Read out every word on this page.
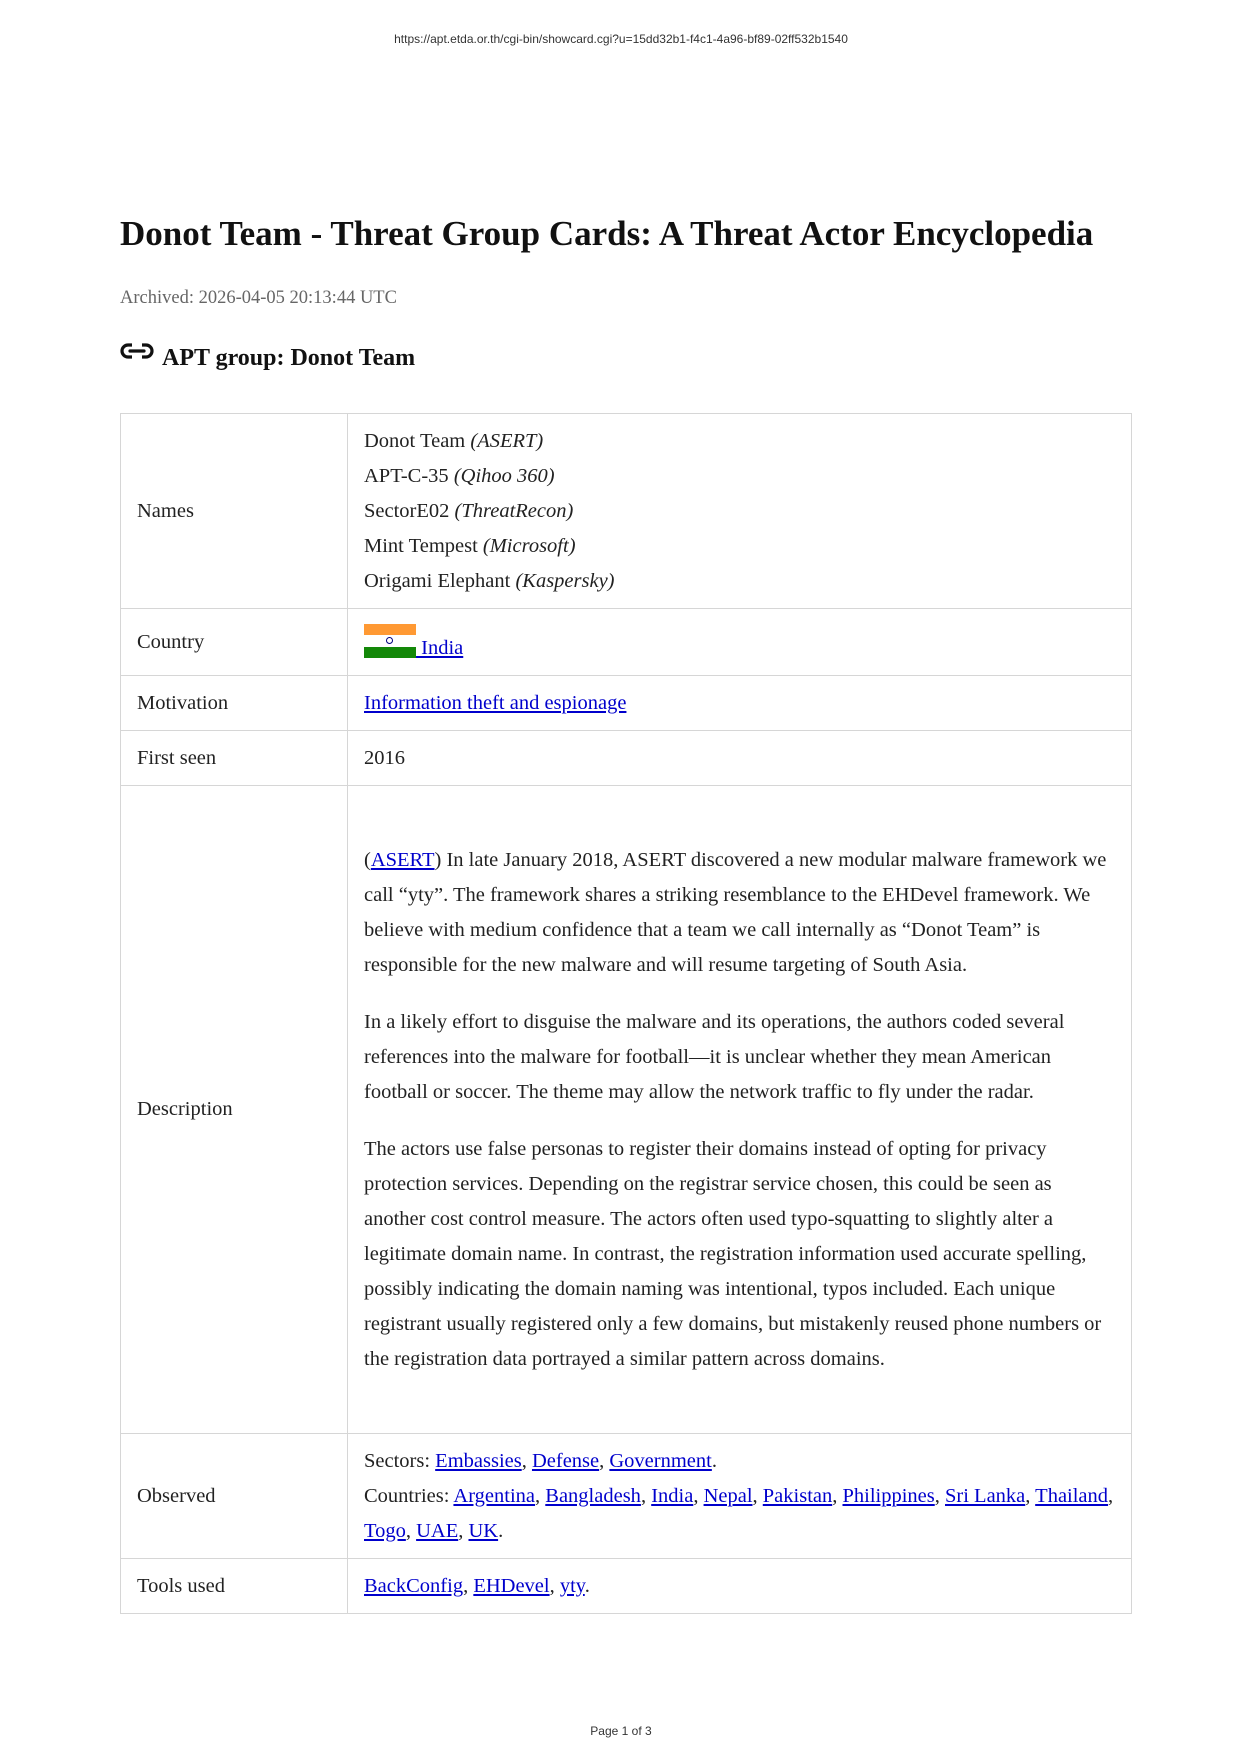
https://apt.etda.or.th/cgi-bin/showcard.cgi?u=15dd32b1-f4c1-4a96-bf89-02ff532b1540
Donot Team - Threat Group Cards: A Threat Actor Encyclopedia
Archived: 2026-04-05 20:13:44 UTC
APT group: Donot Team
Names	Donot Team (ASERT)
APT-C-35 (Qihoo 360)
SectorE02 (ThreatRecon)
Mint Tempest (Microsoft)
Origami Elephant (Kaspersky)

Country	India
Motivation	Information theft and espionage
First seen	2016
Description	(ASERT) In late January 2018, ASERT discovered a new modular malware framework we call “yty”. The framework shares a striking resemblance to the EHDevel framework. We believe with medium confidence that a team we call internally as “Donot Team” is responsible for the new malware and will resume targeting of South Asia.

In a likely effort to disguise the malware and its operations, the authors coded several references into the malware for football—it is unclear whether they mean American football or soccer. The theme may allow the network traffic to fly under the radar.

The actors use false personas to register their domains instead of opting for privacy protection services. Depending on the registrar service chosen, this could be seen as another cost control measure. The actors often used typo-squatting to slightly alter a legitimate domain name. In contrast, the registration information used accurate spelling, possibly indicating the domain naming was intentional, typos included. Each unique registrant usually registered only a few domains, but mistakenly reused phone numbers or the registration data portrayed a similar pattern across domains.

Observed	Sectors: Embassies, Defense, Government.
Countries: Argentina, Bangladesh, India, Nepal, Pakistan, Philippines, Sri Lanka, Thailand, Togo, UAE, UK.

Tools used	BackConfig, EHDevel, yty.
Page 1 of 3
